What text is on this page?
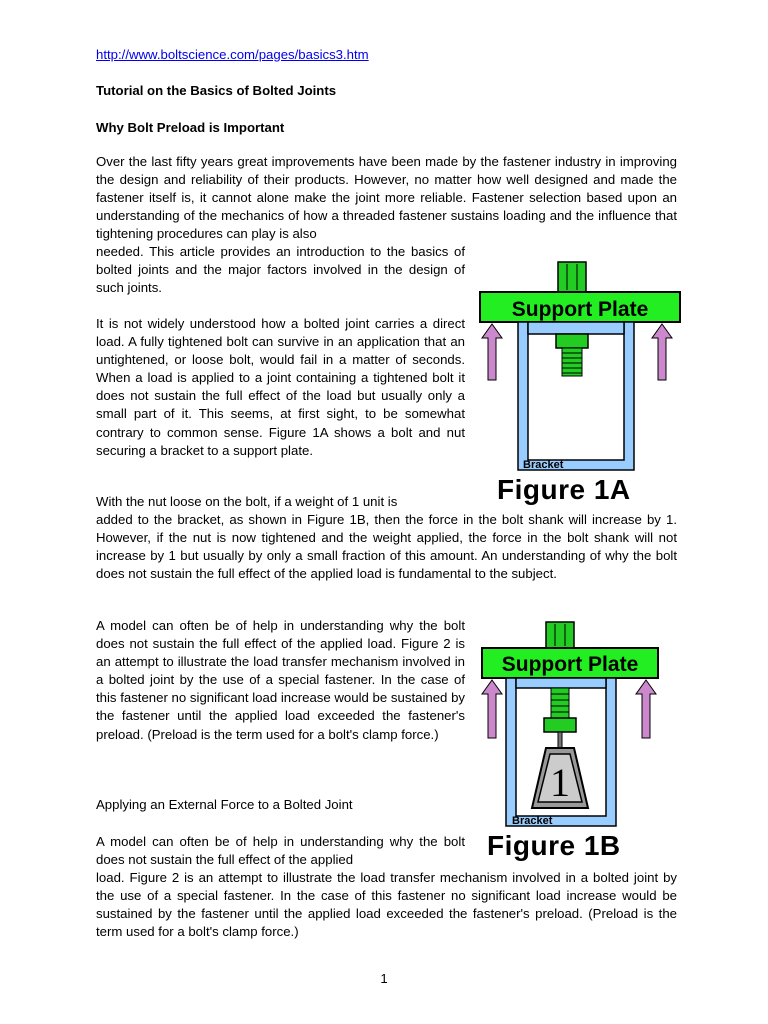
http://www.boltscience.com/pages/basics3.htm
Tutorial on the Basics of Bolted Joints
Why Bolt Preload is Important

Over the last fifty years great improvements have been made by the fastener industry in improving the design and reliability of their products. However, no matter how well designed and made the fastener itself is, it cannot alone make the joint more reliable. Fastener selection based upon an understanding of the mechanics of how a threaded fastener sustains loading and the influence that tightening procedures can play is also

needed. This article provides an introduction to the basics of bolted joints and the major factors involved in the design of such joints.

It is not widely understood how a bolted joint carries a direct load. A fully tightened bolt can survive in an application that an untightened, or loose bolt, would fail in a matter of seconds. When a load is applied to a joint containing a tightened bolt it does not sustain the full effect of the load but usually only a small part of it. This seems, at first sight, to be somewhat contrary to common sense. Figure 1A shows a bolt and nut securing a bracket to a support plate.

With the nut loose on the bolt, if a weight of 1 unit is

added to the bracket, as shown in Figure 1B, then the force in the bolt shank will increase by 1. However, if the nut is now tightened and the weight applied, the force in the bolt shank will not increase by 1 but usually by only a small fraction of this amount. An understanding of why the bolt does not sustain the full effect of the applied load is fundamental to the subject.

A model can often be of help in understanding why the bolt does not sustain the full effect of the applied load. Figure 2 is an attempt to illustrate the load transfer mechanism involved in a bolted joint by the use of a special fastener. In the case of this fastener no significant load increase would be sustained by the fastener until the applied load exceeded the fastener's preload. (Preload is the term used for a bolt's clamp force.)

Applying an External Force to a Bolted Joint

A model can often be of help in understanding why the bolt does not sustain the full effect of the applied

load. Figure 2 is an attempt to illustrate the load transfer mechanism involved in a bolted joint by the use of a special fastener. In the case of this fastener no significant load increase would be sustained by the fastener until the applied load exceeded the fastener's preload. (Preload is the term used for a bolt's clamp force.)

Support Plate
Bracket
Figure 1A
Support Plate
Bracket
1
Figure 1B
1
